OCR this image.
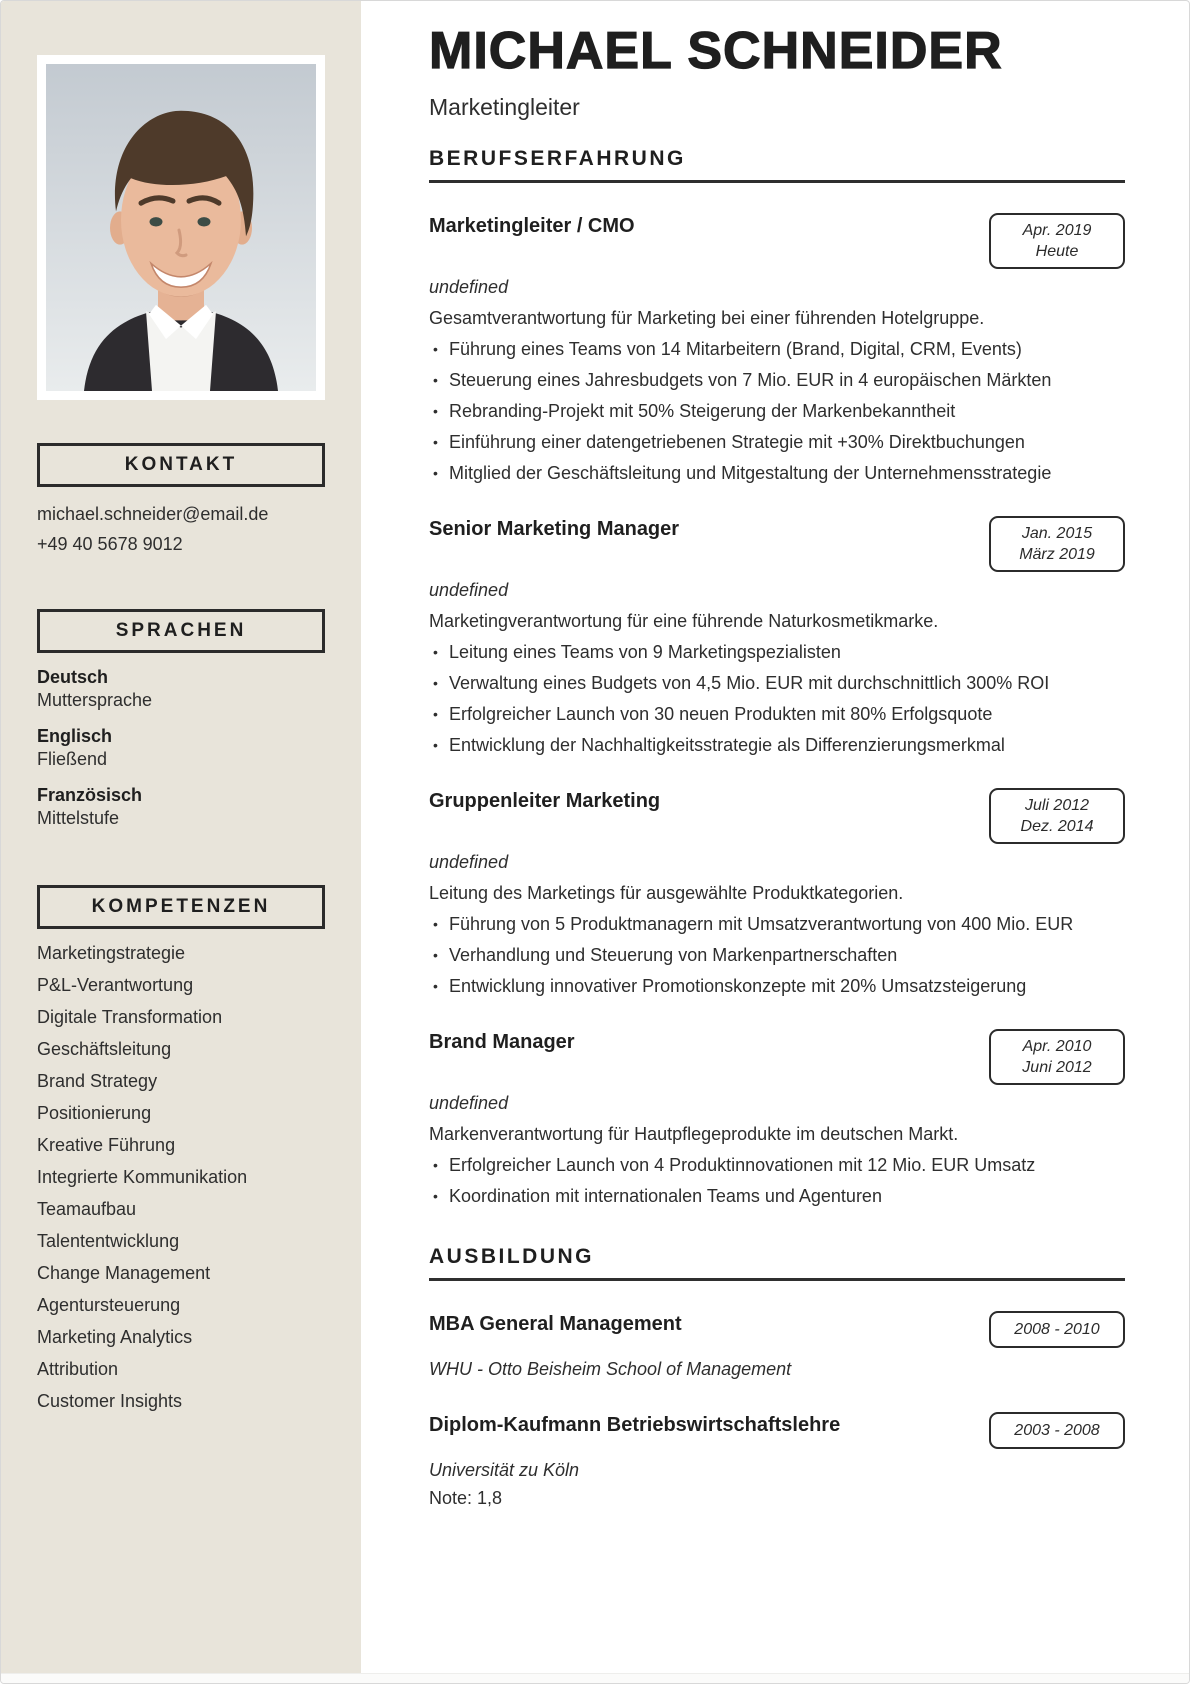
KONTAKT
michael.schneider@email.de
+49 40 5678 9012
SPRACHEN
Deutsch
Muttersprache
Englisch
Fließend
Französisch
Mittelstufe
KOMPETENZEN
Marketingstrategie
P&L-Verantwortung
Digitale Transformation
Geschäftsleitung
Brand Strategy
Positionierung
Kreative Führung
Integrierte Kommunikation
Teamaufbau
Talententwicklung
Change Management
Agentursteuerung
Marketing Analytics
Attribution
Customer Insights
MICHAEL SCHNEIDER
Marketingleiter
BERUFSERFAHRUNG
Marketingleiter / CMO	Apr. 2019
Heute
undefined

Gesamtverantwortung für Marketing bei einer führenden Hotelgruppe.

• Führung eines Teams von 14 Mitarbeitern (Brand, Digital, CRM, Events)
• Steuerung eines Jahresbudgets von 7 Mio. EUR in 4 europäischen Märkten
• Rebranding-Projekt mit 50% Steigerung der Markenbekanntheit
• Einführung einer datengetriebenen Strategie mit +30% Direktbuchungen
• Mitglied der Geschäftsleitung und Mitgestaltung der Unternehmensstrategie
Senior Marketing Manager	Jan. 2015
März 2019
undefined

Marketingverantwortung für eine führende Naturkosmetikmarke.

• Leitung eines Teams von 9 Marketingspezialisten
• Verwaltung eines Budgets von 4,5 Mio. EUR mit durchschnittlich 300% ROI
• Erfolgreicher Launch von 30 neuen Produkten mit 80% Erfolgsquote
• Entwicklung der Nachhaltigkeitsstrategie als Differenzierungsmerkmal
Gruppenleiter Marketing	Juli 2012
Dez. 2014
undefined

Leitung des Marketings für ausgewählte Produktkategorien.

• Führung von 5 Produktmanagern mit Umsatzverantwortung von 400 Mio. EUR
• Verhandlung und Steuerung von Markenpartnerschaften
• Entwicklung innovativer Promotionskonzepte mit 20% Umsatzsteigerung
Brand Manager	Apr. 2010
Juni 2012
undefined

Markenverantwortung für Hautpflegeprodukte im deutschen Markt.

• Erfolgreicher Launch von 4 Produktinnovationen mit 12 Mio. EUR Umsatz
• Koordination mit internationalen Teams und Agenturen
AUSBILDUNG
MBA General Management	2008 - 2010
WHU - Otto Beisheim School of Management
Diplom-Kaufmann Betriebswirtschaftslehre	2003 - 2008
Universität zu Köln
Note: 1,8
